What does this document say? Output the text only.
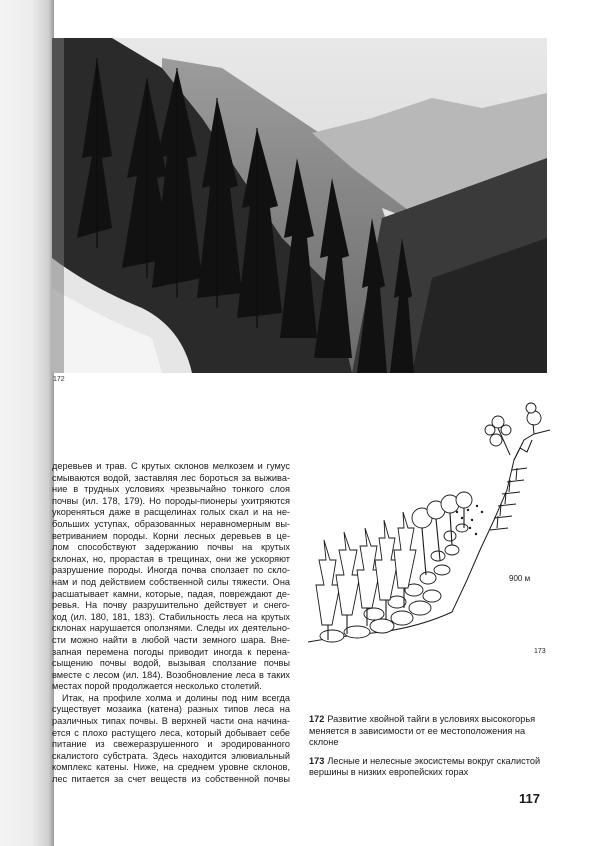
172
деревьев и трав. С крутых склонов мелкозем и гумус
смываются водой, заставляя лес бороться за выжива-
ние в трудных условиях чрезвычайно тонкого слоя
почвы (ил. 178, 179). Но породы-пионеры ухитряются
укореняться даже в расщелинах голых скал и на не-
больших уступах, образованных неравномерным вы-
ветриванием породы. Корни лесных деревьев в це-
лом способствуют задержанию почвы на крутых
склонах, но, прорастая в трещинах, они же ускоряют
разрушение породы. Иногда почва сползает по скло-
нам и под действием собственной силы тяжести. Она
расшатывает камни, которые, падая, повреждают де-
ревья. На почву разрушительно действует и снего-
ход (ил. 180, 181, 183). Стабильность леса на крутых
склонах нарушается оползнями. Следы их деятельно-
сти можно найти в любой части земного шара. Вне-
запная перемена погоды приводит иногда к перена-
сыщению почвы водой, вызывая сползание почвы
вместе с лесом (ил. 184). Возобновление леса в таких
местах порой продолжается несколько столетий.
Итак, на профиле холма и долины под ним всегда
существует мозаика (катена) разных типов леса на
различных типах почвы. В верхней части она начина-
ется с плохо растущего леса, который добывает себе
питание из свежеразрушенного и эродированного
скалистого субстрата. Здесь находится элювиальный
комплекс катены. Ниже, на среднем уровне склонов,
лес питается за счет веществ из собственной почвы
900 м
173
172 Развитие хвойной тайги в условиях высокогорья меняется в зависимости от ее местоположения на склоне
173 Лесные и нелесные экосистемы вокруг скалистой вершины в низких европейских горах
117
